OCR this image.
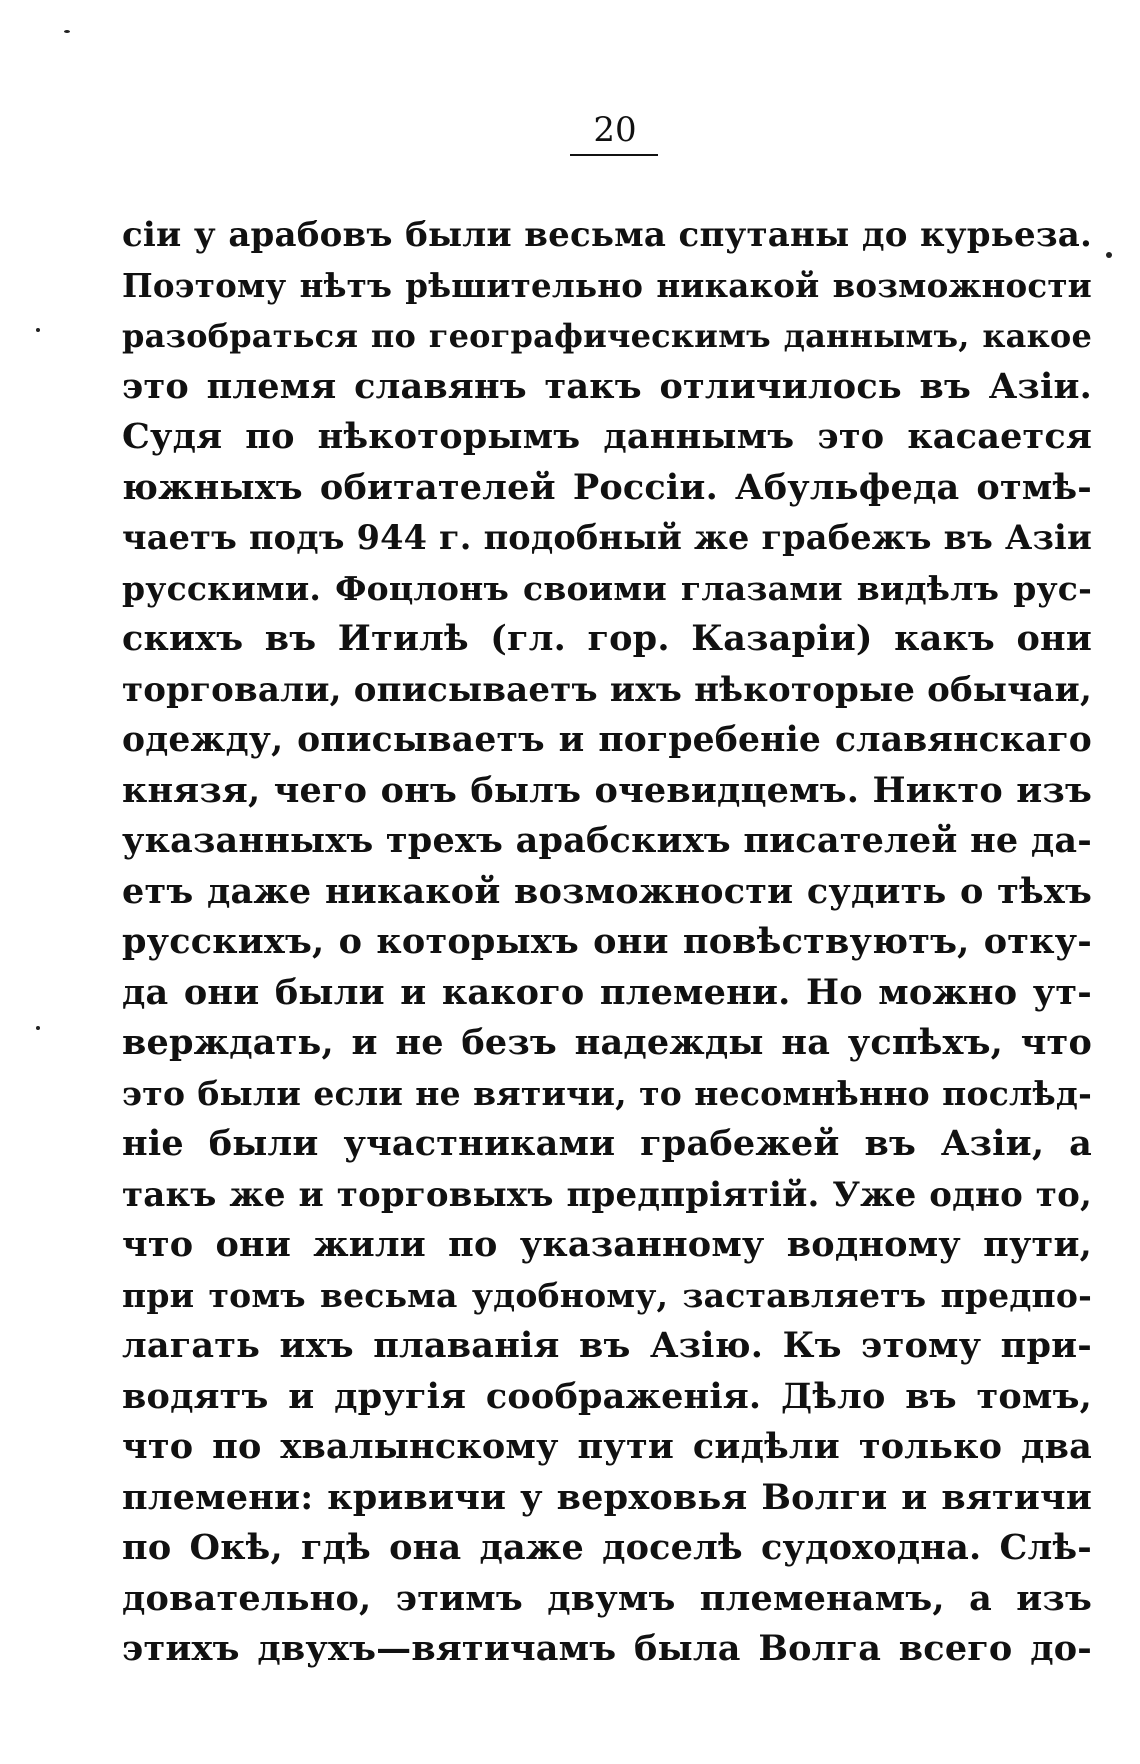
20
сіи у арабовъ были весьма спутаны до курьеза.
Поэтому нѣтъ рѣшительно никакой возможности
разобраться по географическимъ даннымъ, какое
это племя славянъ такъ отличилось въ Азіи.
Судя по нѣкоторымъ даннымъ это касается
южныхъ обитателей Россіи. Абульфеда отмѣ-
чаетъ подъ 944 г. подобный же грабежъ въ Азіи
русскими. Фоцлонъ своими глазами видѣлъ рус-
скихъ въ Итилѣ (гл. гор. Казаріи) какъ они
торговали, описываетъ ихъ нѣкоторые обычаи,
одежду, описываетъ и погребеніе славянскаго
князя, чего онъ былъ очевидцемъ. Никто изъ
указанныхъ трехъ арабскихъ писателей не да-
етъ даже никакой возможности судить о тѣхъ
русскихъ, о которыхъ они повѣствуютъ, отку-
да они были и какого племени. Но можно ут-
верждать, и не безъ надежды на успѣхъ, что
это были если не вятичи, то несомнѣнно послѣд-
ніе были участниками грабежей въ Азіи, а
такъ же и торговыхъ предпріятій. Уже одно то,
что они жили по указанному водному пути,
при томъ весьма удобному, заставляетъ предпо-
лагать ихъ плаванія въ Азію. Къ этому при-
водятъ и другія соображенія. Дѣло въ томъ,
что по хвалынскому пути сидѣли только два
племени: кривичи у верховья Волги и вятичи
по Окѣ, гдѣ она даже доселѣ судоходна. Слѣ-
довательно, этимъ двумъ племенамъ, а изъ
этихъ двухъ—вятичамъ была Волга всего до-
